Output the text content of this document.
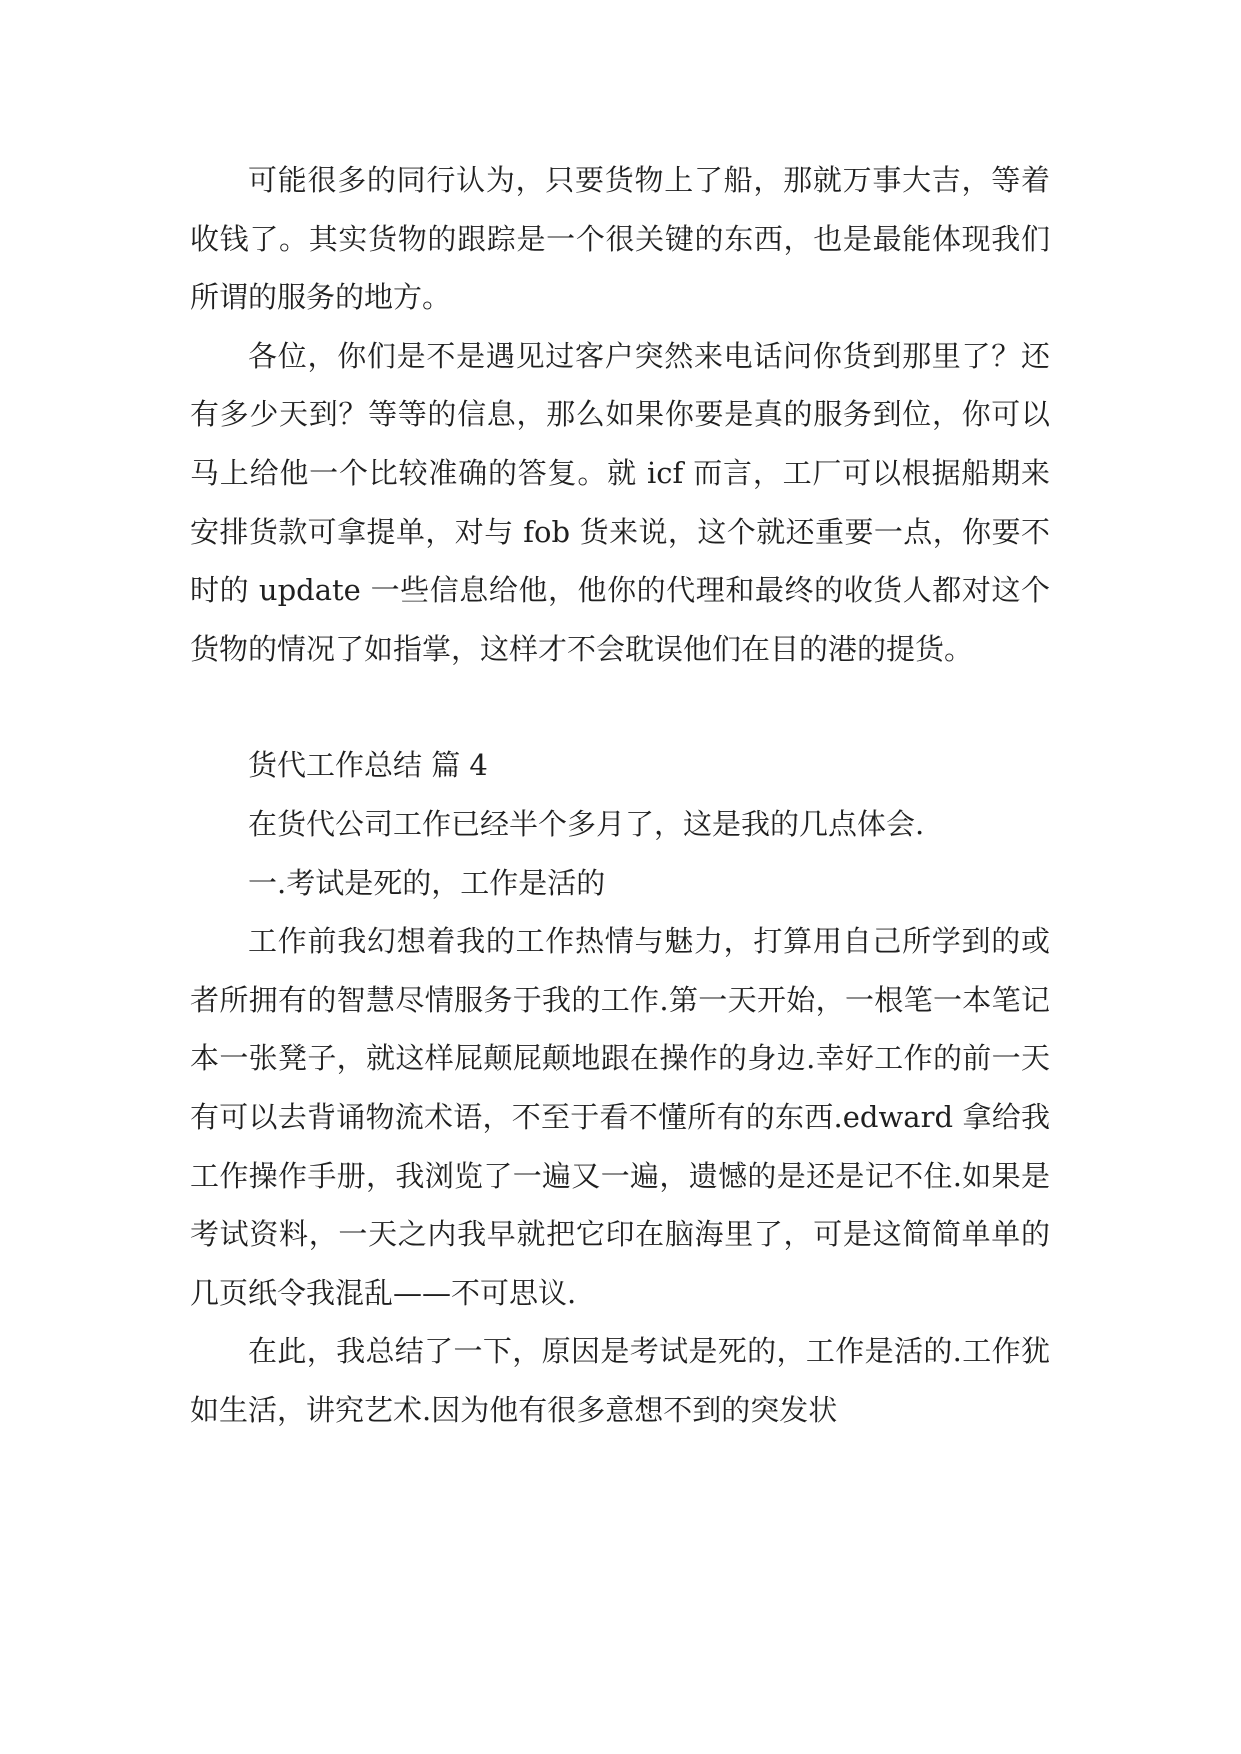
可能很多的同行认为，只要货物上了船，那就万事大吉，等着收钱了。其实货物的跟踪是一个很关键的东西，也是最能体现我们所谓的服务的地方。

各位，你们是不是遇见过客户突然来电话问你货到那里了？还有多少天到？等等的信息，那么如果你要是真的服务到位，你可以马上给他一个比较准确的答复。就 icf 而言，工厂可以根据船期来安排货款可拿提单，对与 fob 货来说，这个就还重要一点，你要不时的 update 一些信息给他，他你的代理和最终的收货人都对这个货物的情况了如指掌，这样才不会耽误他们在目的港的提货。

货代工作总结 篇 4

在货代公司工作已经半个多月了，这是我的几点体会.

一.考试是死的，工作是活的

工作前我幻想着我的工作热情与魅力，打算用自己所学到的或者所拥有的智慧尽情服务于我的工作.第一天开始，一根笔一本笔记本一张凳子，就这样屁颠屁颠地跟在操作的身边.幸好工作的前一天有可以去背诵物流术语，不至于看不懂所有的东西.edward 拿给我工作操作手册，我浏览了一遍又一遍，遗憾的是还是记不住.如果是考试资料，一天之内我早就把它印在脑海里了，可是这简简单单的几页纸令我混乱——不可思议.

在此，我总结了一下，原因是考试是死的，工作是活的.工作犹如生活，讲究艺术.因为他有很多意想不到的突发状
